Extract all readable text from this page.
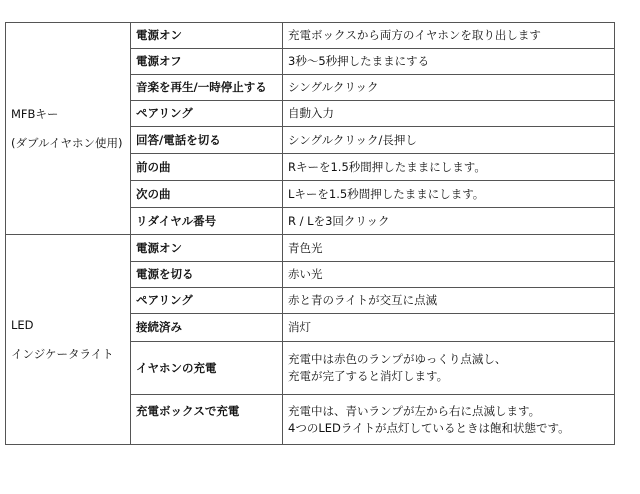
MFBキー
(ダブルイヤホン使用)	電源オン	充電ボックスから両方のイヤホンを取り出します

	電源オフ	3秒〜5秒押したままにする

	音楽を再生/一時停止する	シングルクリック

	ペアリング	自動入力

	回答/電話を切る	シングルクリック/長押し

	前の曲	Rキーを1.5秒間押したままにします。

	次の曲	Lキーを1.5秒間押したままにします。

	リダイヤル番号	R / Lを3回クリック

LED
インジケータライト	電源オン	青色光

	電源を切る	赤い光

	ペアリング	赤と青のライトが交互に点滅

	接続済み	消灯

	イヤホンの充電	充電中は赤色のランプがゆっくり点滅し、
充電が完了すると消灯します。

	充電ボックスで充電	充電中は、青いランプが左から右に点滅します。
4つのLEDライトが点灯しているときは飽和状態です。
